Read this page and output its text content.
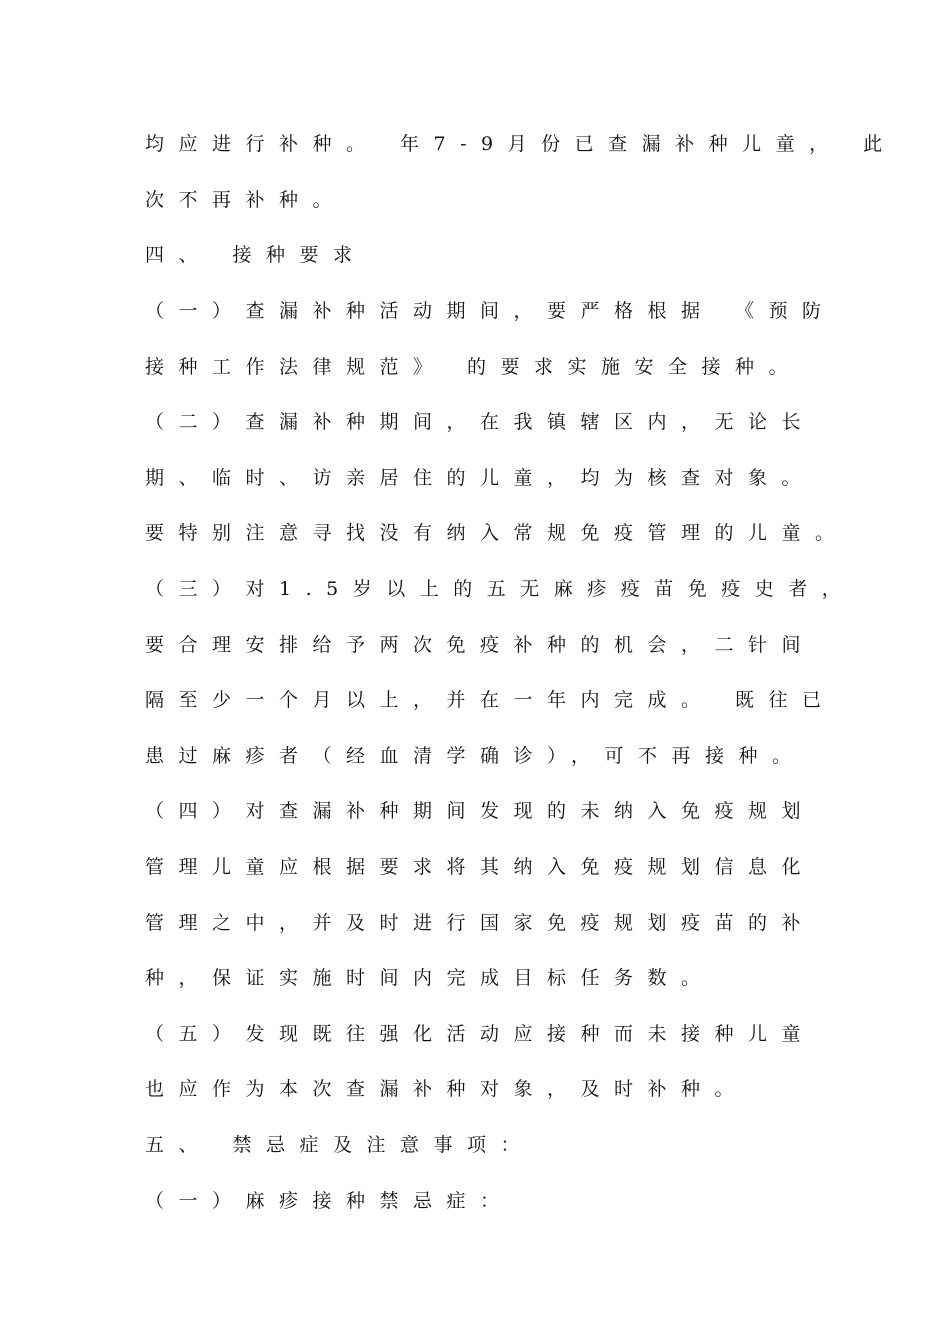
均应进行补种。 年7-9月份已查漏补种儿童， 此

次不再补种。

四、 接种要求

（一）查漏补种活动期间，要严格根据 《预防

接种工作法律规范》 的要求实施安全接种。

（二）查漏补种期间，在我镇辖区内，无论长

期、临时、访亲居住的儿童，均为核查对象。

要特别注意寻找没有纳入常规免疫管理的儿童。

（三）对1.5岁以上的五无麻疹疫苗免疫史者，

要合理安排给予两次免疫补种的机会，二针间

隔至少一个月以上，并在一年内完成。 既往已

患过麻疹者（经血清学确诊），可不再接种。

（四）对查漏补种期间发现的未纳入免疫规划

管理儿童应根据要求将其纳入免疫规划信息化

管理之中，并及时进行国家免疫规划疫苗的补

种，保证实施时间内完成目标任务数。

（五）发现既往强化活动应接种而未接种儿童

也应作为本次查漏补种对象，及时补种。

五、 禁忌症及注意事项：

（一）麻疹接种禁忌症：
